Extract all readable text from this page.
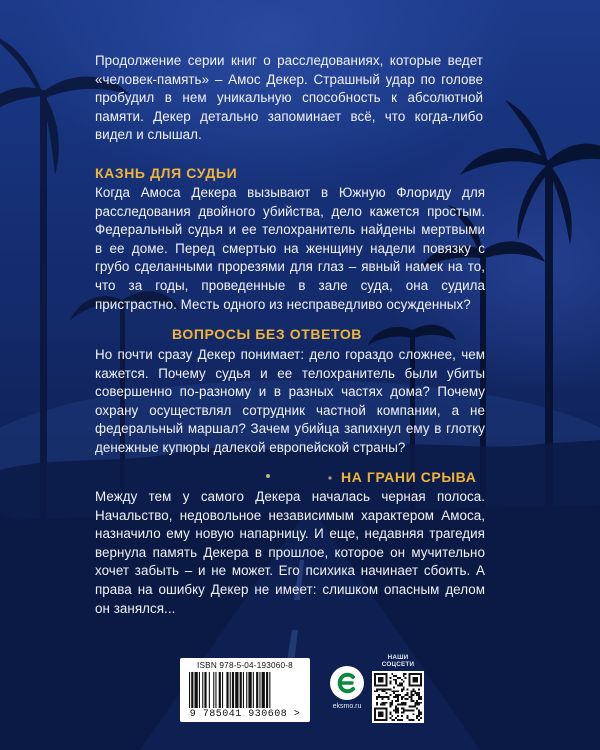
Продолжение серии книг о расследованиях, которые ведет «человек-память» – Амос Декер. Страшный удар по голове пробудил в нем уникальную способность к абсолютной памяти. Декер детально запоминает всё, что когда-либо видел и слышал.
КАЗНЬ ДЛЯ СУДЬИ
Когда Амоса Декера вызывают в Южную Флориду для расследования двойного убийства, дело кажется простым. Федеральный судья и ее телохранитель найдены мертвыми в ее доме. Перед смертью на женщину надели повязку с грубо сделанными прорезями для глаз – явный намек на то, что за годы, проведенные в зале суда, она судила пристрастно. Месть одного из несправедливо осужденных?
ВОПРОСЫ БЕЗ ОТВЕТОВ
Но почти сразу Декер понимает: дело гораздо сложнее, чем кажется. Почему судья и ее телохранитель были убиты совершенно по-разному и в разных частях дома? Почему охрану осуществлял сотрудник частной компании, а не федеральный маршал? Зачем убийца запихнул ему в глотку денежные купюры далекой европейской страны?
НА ГРАНИ СРЫВА
Между тем у самого Декера началась черная полоса. Начальство, недовольное независимым характером Амоса, назначило ему новую напарницу. И еще, недавняя трагедия вернула память Декера в прошлое, которое он мучительно хочет забыть – и не может. Его психика начинает сбоить. А права на ошибку Декер не имеет: слишком опасным делом он занялся...
ISBN 978-5-04-193060-8
9 785041 930608 >
eksmo.ru
НАШИ СОЦСЕТИ
